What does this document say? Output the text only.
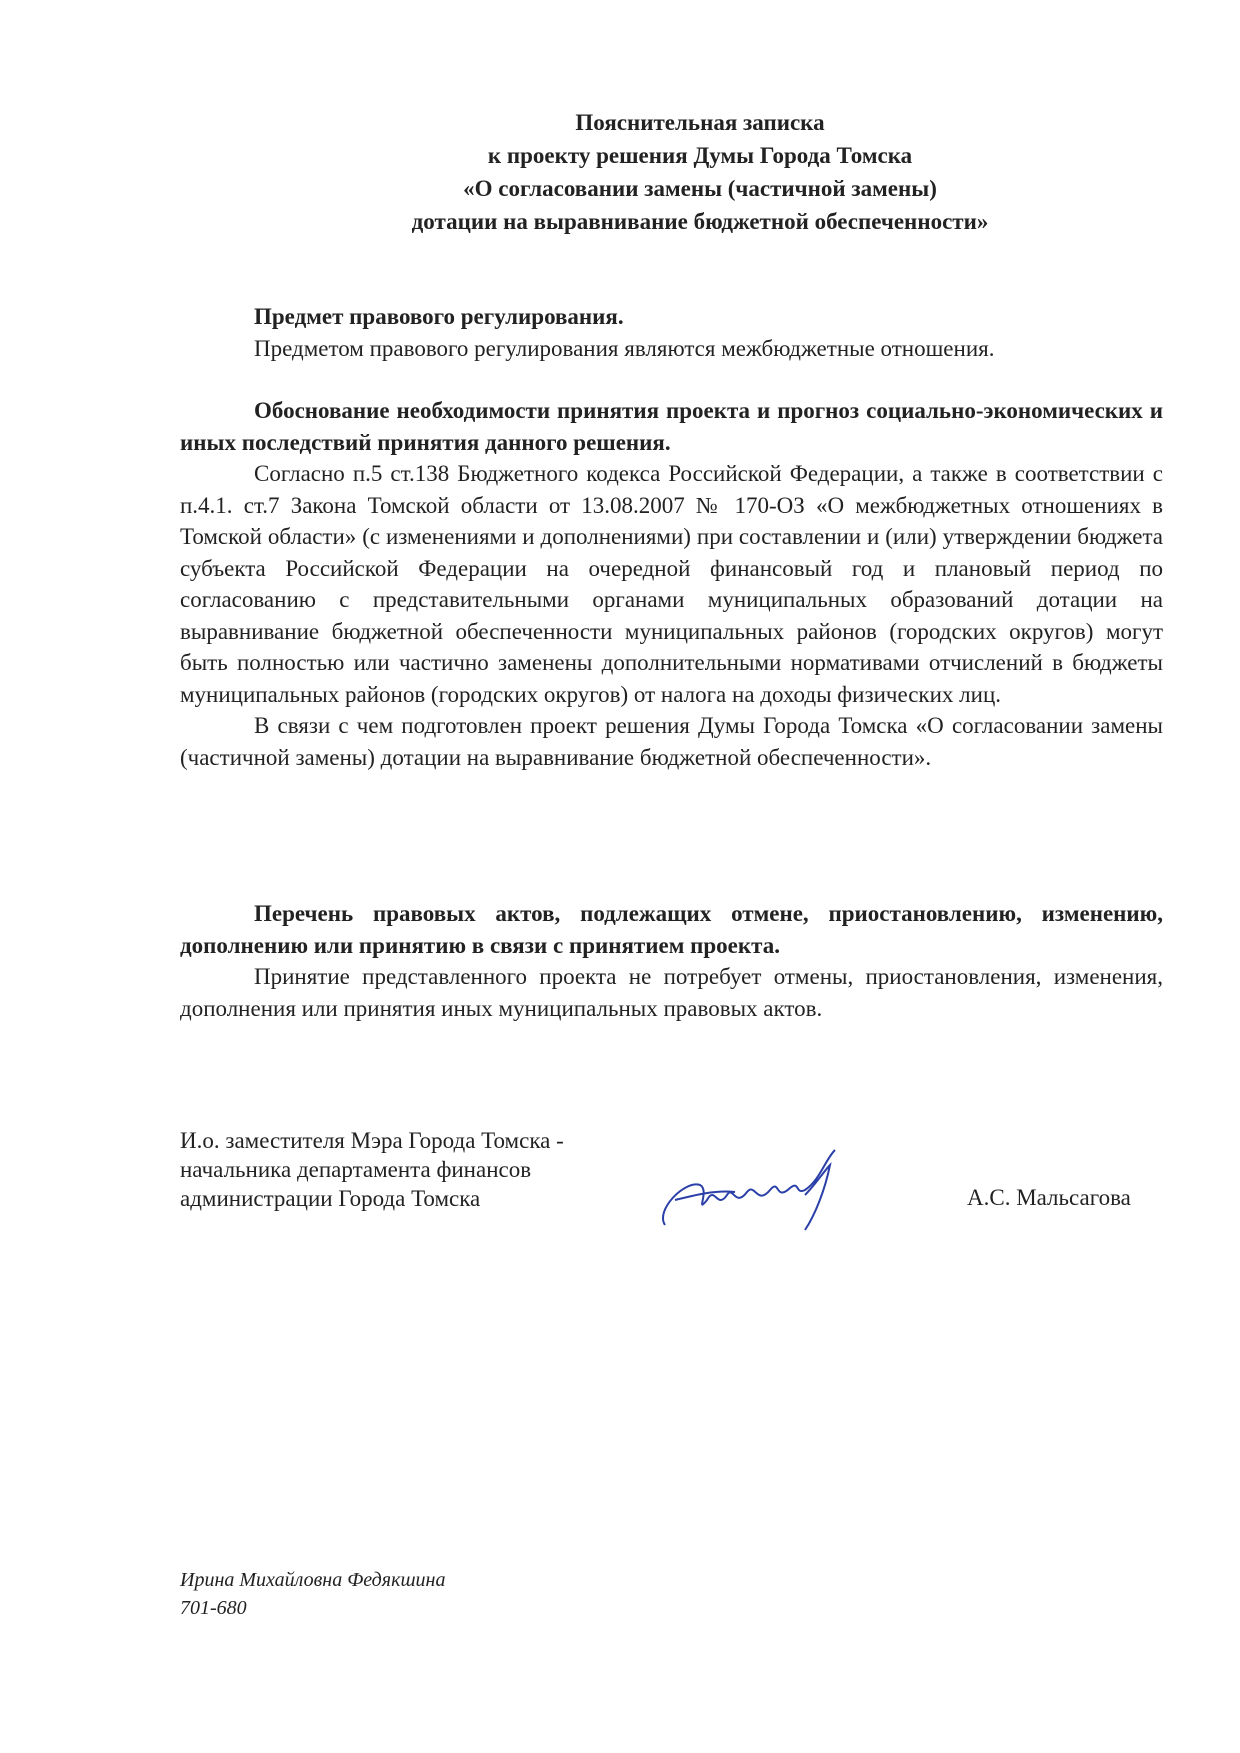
Пояснительная записка
к проекту решения Думы Города Томска
«О согласовании замены (частичной замены)
дотации на выравнивание бюджетной обеспеченности»

Предмет правового регулирования.

Предметом правового регулирования являются межбюджетные отношения.

Обоснование необходимости принятия проекта и прогноз социально-экономических и иных последствий принятия данного решения.

Согласно п.5 ст.138 Бюджетного кодекса Российской Федерации, а также в соответствии с п.4.1. ст.7 Закона Томской области от 13.08.2007 № 170-ОЗ «О межбюджетных отношениях в Томской области» (с изменениями и дополнениями) при составлении и (или) утверждении бюджета субъекта Российской Федерации на очередной финансовый год и плановый период по согласованию с представительными органами муниципальных образований дотации на выравнивание бюджетной обеспеченности муниципальных районов (городских округов) могут быть полностью или частично заменены дополнительными нормативами отчислений в бюджеты муниципальных районов (городских округов) от налога на доходы физических лиц.

В связи с чем подготовлен проект решения Думы Города Томска «О согласовании замены (частичной замены) дотации на выравнивание бюджетной обеспеченности».

Перечень правовых актов, подлежащих отмене, приостановлению, изменению, дополнению или принятию в связи с принятием проекта.

Принятие представленного проекта не потребует отмены, приостановления, изменения, дополнения или принятия иных муниципальных правовых актов.

И.о. заместителя Мэра Города Томска -
начальника департамента финансов
администрации Города Томска	А.С. Мальсагова
Ирина Михайловна Федякшина
701-680
